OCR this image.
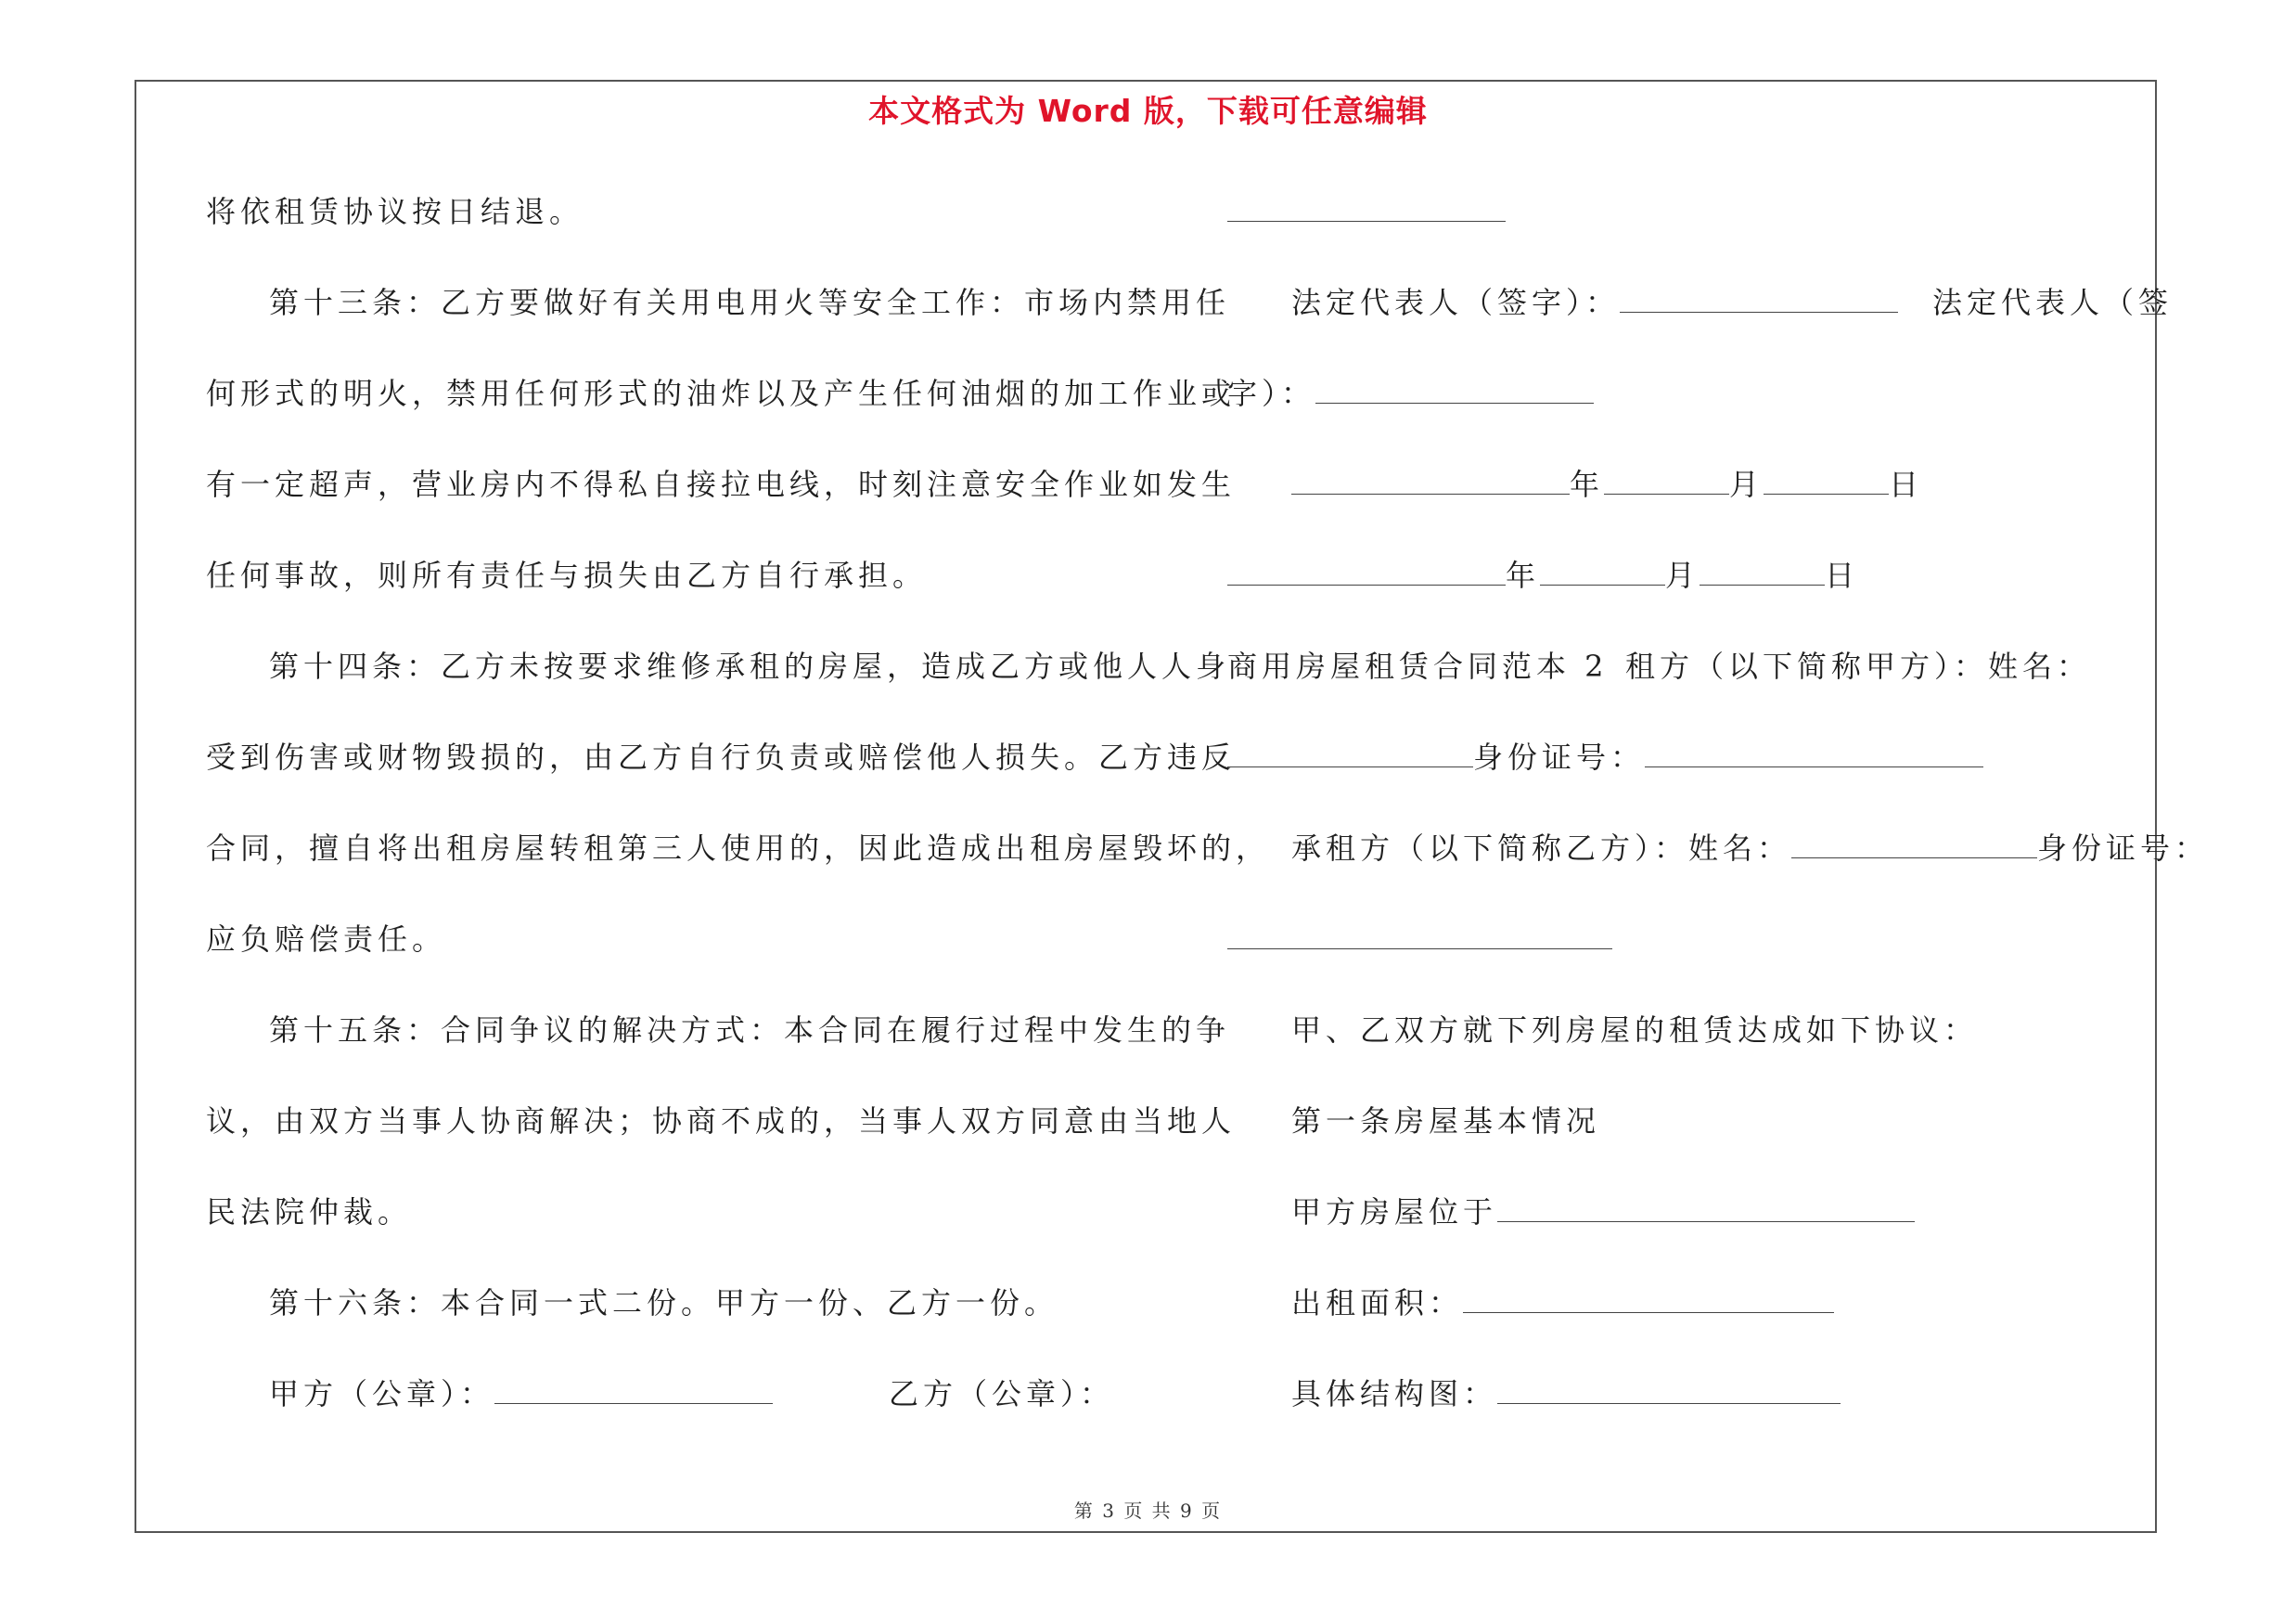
本文格式为 Word 版，下载可任意编辑
将依租赁协议按日结退。
第十三条：乙方要做好有关用电用火等安全工作：市场内禁用任
何形式的明火，禁用任何形式的油炸以及产生任何油烟的加工作业或
有一定超声，营业房内不得私自接拉电线，时刻注意安全作业如发生
任何事故，则所有责任与损失由乙方自行承担。
第十四条：乙方未按要求维修承租的房屋，造成乙方或他人人身
受到伤害或财物毁损的，由乙方自行负责或赔偿他人损失。乙方违反
合同，擅自将出租房屋转租第三人使用的，因此造成出租房屋毁坏的，
应负赔偿责任。
第十五条：合同争议的解决方式：本合同在履行过程中发生的争
议，由双方当事人协商解决；协商不成的，当事人双方同意由当地人
民法院仲裁。
第十六条：本合同一式二份。甲方一份、乙方一份。
甲方（公章）：	乙方（公章）：
法定代表人（签字）：	法定代表人（签
字）：
年	月	日
年	月	日
商用房屋租赁合同范本 2 租方（以下简称甲方）：姓名：
身份证号：
承租方（以下简称乙方）：姓名：	身份证号：
甲、乙双方就下列房屋的租赁达成如下协议：
第一条房屋基本情况
甲方房屋位于
出租面积：
具体结构图：
第 3 页 共 9 页
